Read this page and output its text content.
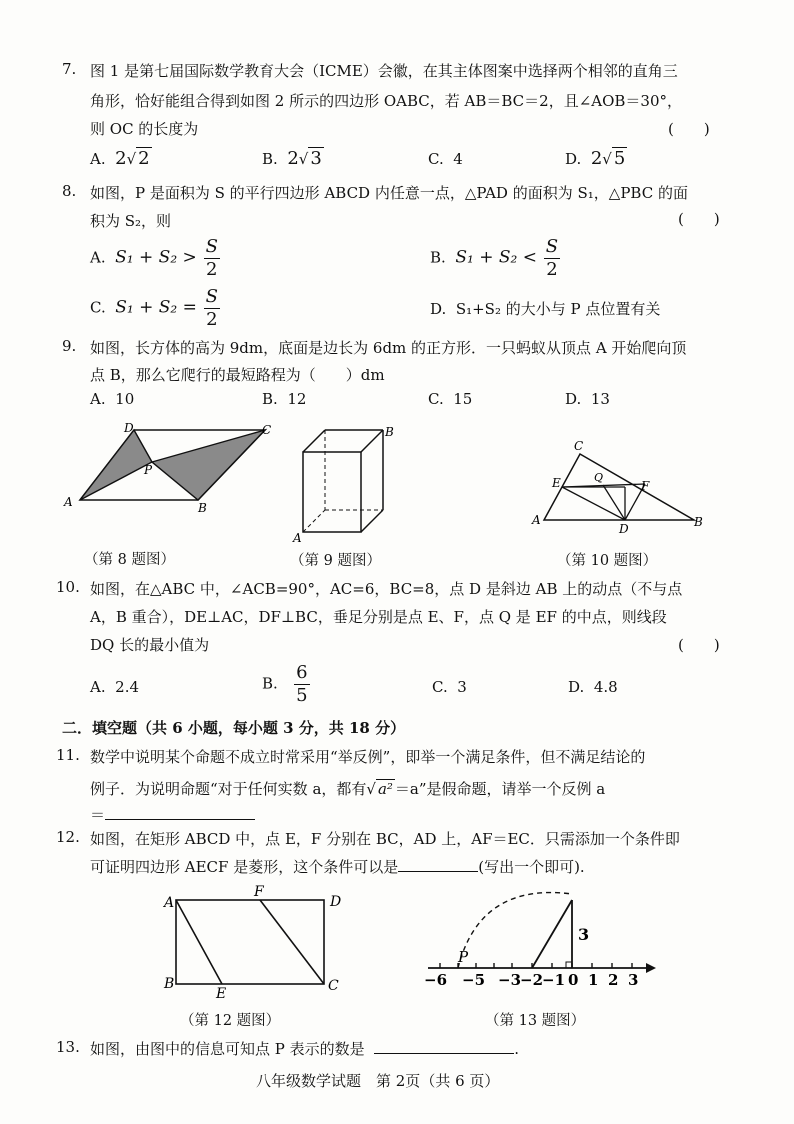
7. 图 1 是第七届国际数学教育大会（ICME）会徽，在其主体图案中选择两个相邻的直角三
角形，恰好能组合得到如图 2 所示的四边形 OABC，若 AB＝BC＝2，且∠AOB＝30°，
则 OC 的长度为	(　　)
A. 2√ 2	B. 2√ 3	C. 4	D. 2√ 5
8. 如图，P 是面积为 S 的平行四边形 ABCD 内任意一点，△PAD 的面积为 S₁，△PBC 的面
积为 S₂，则	(　　)
A. $S_1 + S_2 > \frac{S}{2}$	B. $S_1 + S_2 < \frac{S}{2}$
C. $S_1 + S_2 = \frac{S}{2}$	D. S₁+S₂ 的大小与 P 点位置有关
9. 如图，长方体的高为 9dm，底面是边长为 6dm 的正方形．一只蚂蚁从顶点 A 开始爬向顶
点 B，那么它爬行的最短路程为（　　）dm
A. 10	B. 12	C. 15	D. 13
D	C
P
A	B
（第 8 题图）
B
A
（第 9 题图）
C
Q
E	F
A
D	B
（第 10 题图）
10. 如图，在△ABC 中，∠ACB=90°，AC=6，BC=8，点 D 是斜边 AB 上的动点（不与点
A，B 重合），DE⊥AC，DF⊥BC，垂足分别是点 E、F，点 Q 是 EF 的中点，则线段
DQ 长的最小值为	(　　)
A. 2.4	B. $\frac{6}{5}$	C. 3	D. 4.8
二．填空题（共 6 小题，每小题 3 分，共 18 分）
11. 数学中说明某个命题不成立时常采用“举反例”，即举一个满足条件，但不满足结论的
例子．为说明命题“对于任何实数 a，都有√ a² ＝a”是假命题，请举一个反例 a
＝
12. 如图，在矩形 ABCD 中，点 E，F 分别在 BC，AD 上，AF＝EC．只需添加一个条件即
可证明四边形 AECF 是菱形，这个条件可以是	(写出一个即可).
A
F
D
B
E	C
（第 12 题图）
3
P
−6 −5 −3
−2
−1 0 1 2 3
（第 13 题图）
13. 如图，由图中的信息可知点 P 表示的数是	.
八年级数学试题　第 2页（共 6 页）
